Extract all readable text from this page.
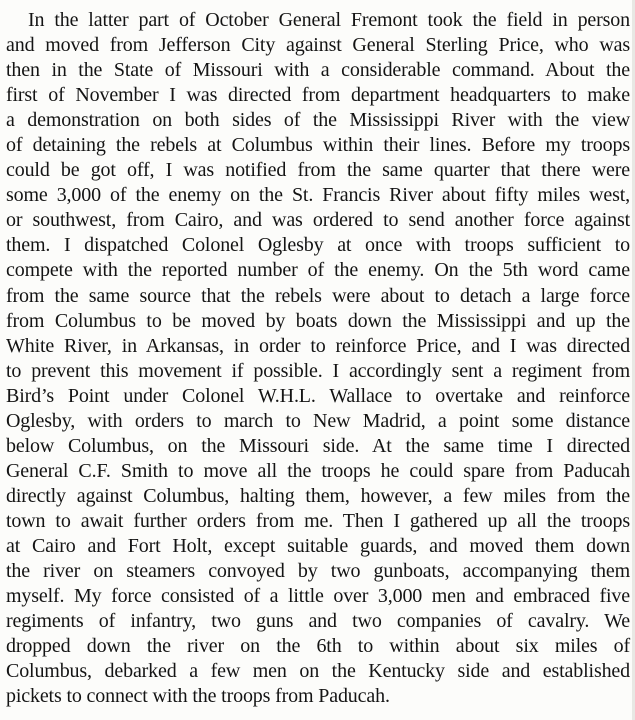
In the latter part of October General Fremont took the field in person
and moved from Jefferson City against General Sterling Price, who was
then in the State of Missouri with a considerable command. About the
first of November I was directed from department headquarters to make
a demonstration on both sides of the Mississippi River with the view
of detaining the rebels at Columbus within their lines. Before my troops
could be got off, I was notified from the same quarter that there were
some 3,000 of the enemy on the St. Francis River about fifty miles west,
or southwest, from Cairo, and was ordered to send another force against
them. I dispatched Colonel Oglesby at once with troops sufficient to
compete with the reported number of the enemy. On the 5th word came
from the same source that the rebels were about to detach a large force
from Columbus to be moved by boats down the Mississippi and up the
White River, in Arkansas, in order to reinforce Price, and I was directed
to prevent this movement if possible. I accordingly sent a regiment from
Bird’s Point under Colonel W.H.L. Wallace to overtake and reinforce
Oglesby, with orders to march to New Madrid, a point some distance
below Columbus, on the Missouri side. At the same time I directed
General C.F. Smith to move all the troops he could spare from Paducah
directly against Columbus, halting them, however, a few miles from the
town to await further orders from me. Then I gathered up all the troops
at Cairo and Fort Holt, except suitable guards, and moved them down
the river on steamers convoyed by two gunboats, accompanying them
myself. My force consisted of a little over 3,000 men and embraced five
regiments of infantry, two guns and two companies of cavalry. We
dropped down the river on the 6th to within about six miles of
Columbus, debarked a few men on the Kentucky side and established
pickets to connect with the troops from Paducah.
